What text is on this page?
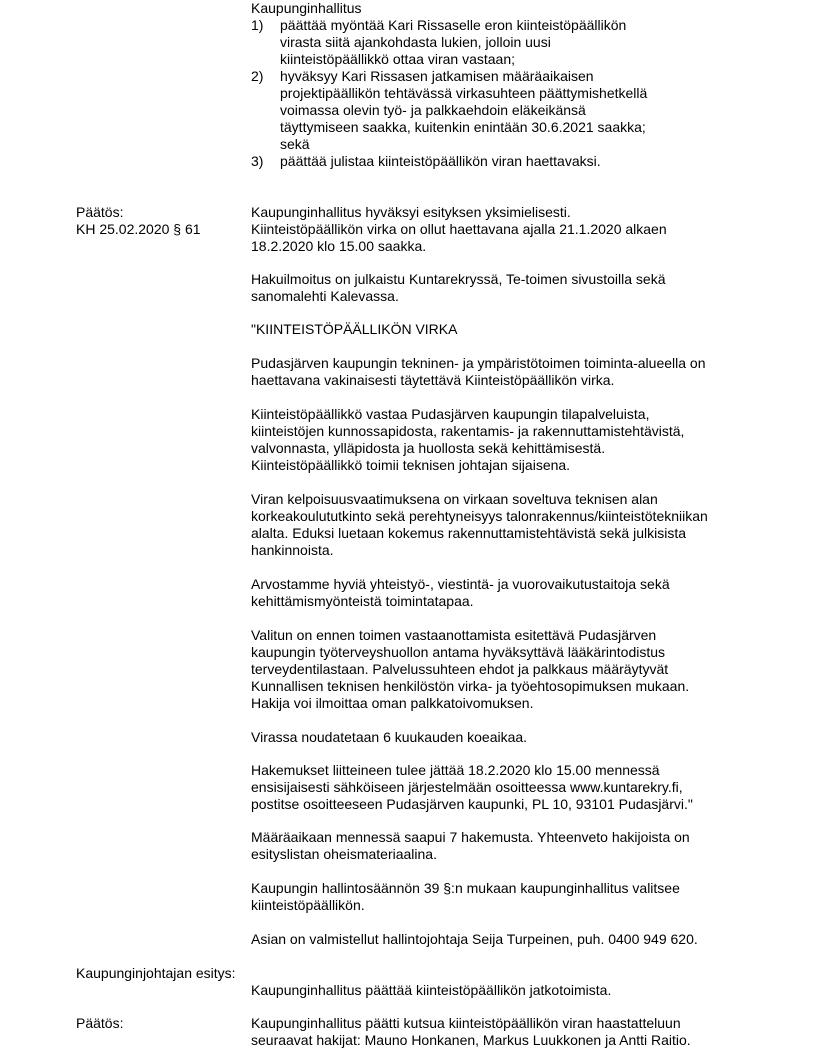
Kaupunginhallitus
1) päättää myöntää Kari Rissaselle eron kiinteistöpäällikön
virasta siitä ajankohdasta lukien, jolloin uusi
kiinteistöpäällikkö ottaa viran vastaan;
2) hyväksyy Kari Rissasen jatkamisen määräaikaisen
projektipäällikön tehtävässä virkasuhteen päättymishetkellä
voimassa olevin työ- ja palkkaehdoin eläkeikänsä
täyttymiseen saakka, kuitenkin enintään 30.6.2021 saakka;
sekä
3) päättää julistaa kiinteistöpäällikön viran haettavaksi.
Päätös:
KH 25.02.2020 § 61
Kaupunginhallitus hyväksyi esityksen yksimielisesti.
Kiinteistöpäällikön virka on ollut haettavana ajalla 21.1.2020 alkaen
18.2.2020 klo 15.00 saakka.
Hakuilmoitus on julkaistu Kuntarekryssä, Te-toimen sivustoilla sekä
sanomalehti Kalevassa.
"KIINTEISTÖPÄÄLLIKÖN VIRKA
Pudasjärven kaupungin tekninen- ja ympäristötoimen toiminta-alueella on
haettavana vakinaisesti täytettävä Kiinteistöpäällikön virka.
Kiinteistöpäällikkö vastaa Pudasjärven kaupungin tilapalveluista,
kiinteistöjen kunnossapidosta, rakentamis- ja rakennuttamistehtävistä,
valvonnasta, ylläpidosta ja huollosta sekä kehittämisestä.
Kiinteistöpäällikkö toimii teknisen johtajan sijaisena.
Viran kelpoisuusvaatimuksena on virkaan soveltuva teknisen alan
korkeakoulututkinto sekä perehtyneisyys talonrakennus/kiinteistötekniikan
alalta. Eduksi luetaan kokemus rakennuttamistehtävistä sekä julkisista
hankinnoista.
Arvostamme hyviä yhteistyö-, viestintä- ja vuorovaikutustaitoja sekä
kehittämismyönteistä toimintatapaa.
Valitun on ennen toimen vastaanottamista esitettävä Pudasjärven
kaupungin työterveyshuollon antama hyväksyttävä lääkärintodistus
terveydentilastaan. Palvelussuhteen ehdot ja palkkaus määräytyvät
Kunnallisen teknisen henkilöstön virka- ja työehtosopimuksen mukaan.
Hakija voi ilmoittaa oman palkkatoivomuksen.
Virassa noudatetaan 6 kuukauden koeaikaa.
Hakemukset liitteineen tulee jättää 18.2.2020 klo 15.00 mennessä
ensisijaisesti sähköiseen järjestelmään osoitteessa www.kuntarekry.fi,
postitse osoitteeseen Pudasjärven kaupunki, PL 10, 93101 Pudasjärvi."
Määräaikaan mennessä saapui 7 hakemusta. Yhteenveto hakijoista on
esityslistan oheismateriaalina.
Kaupungin hallintosäännön 39 §:n mukaan kaupunginhallitus valitsee
kiinteistöpäällikön.
Asian on valmistellut hallintojohtaja Seija Turpeinen, puh. 0400 949 620.
Kaupunginjohtajan esitys:
Kaupunginhallitus päättää kiinteistöpäällikön jatkotoimista.
Päätös:	Kaupunginhallitus päätti kutsua kiinteistöpäällikön viran haastatteluun
seuraavat hakijat: Mauno Honkanen, Markus Luukkonen ja Antti Raitio.
